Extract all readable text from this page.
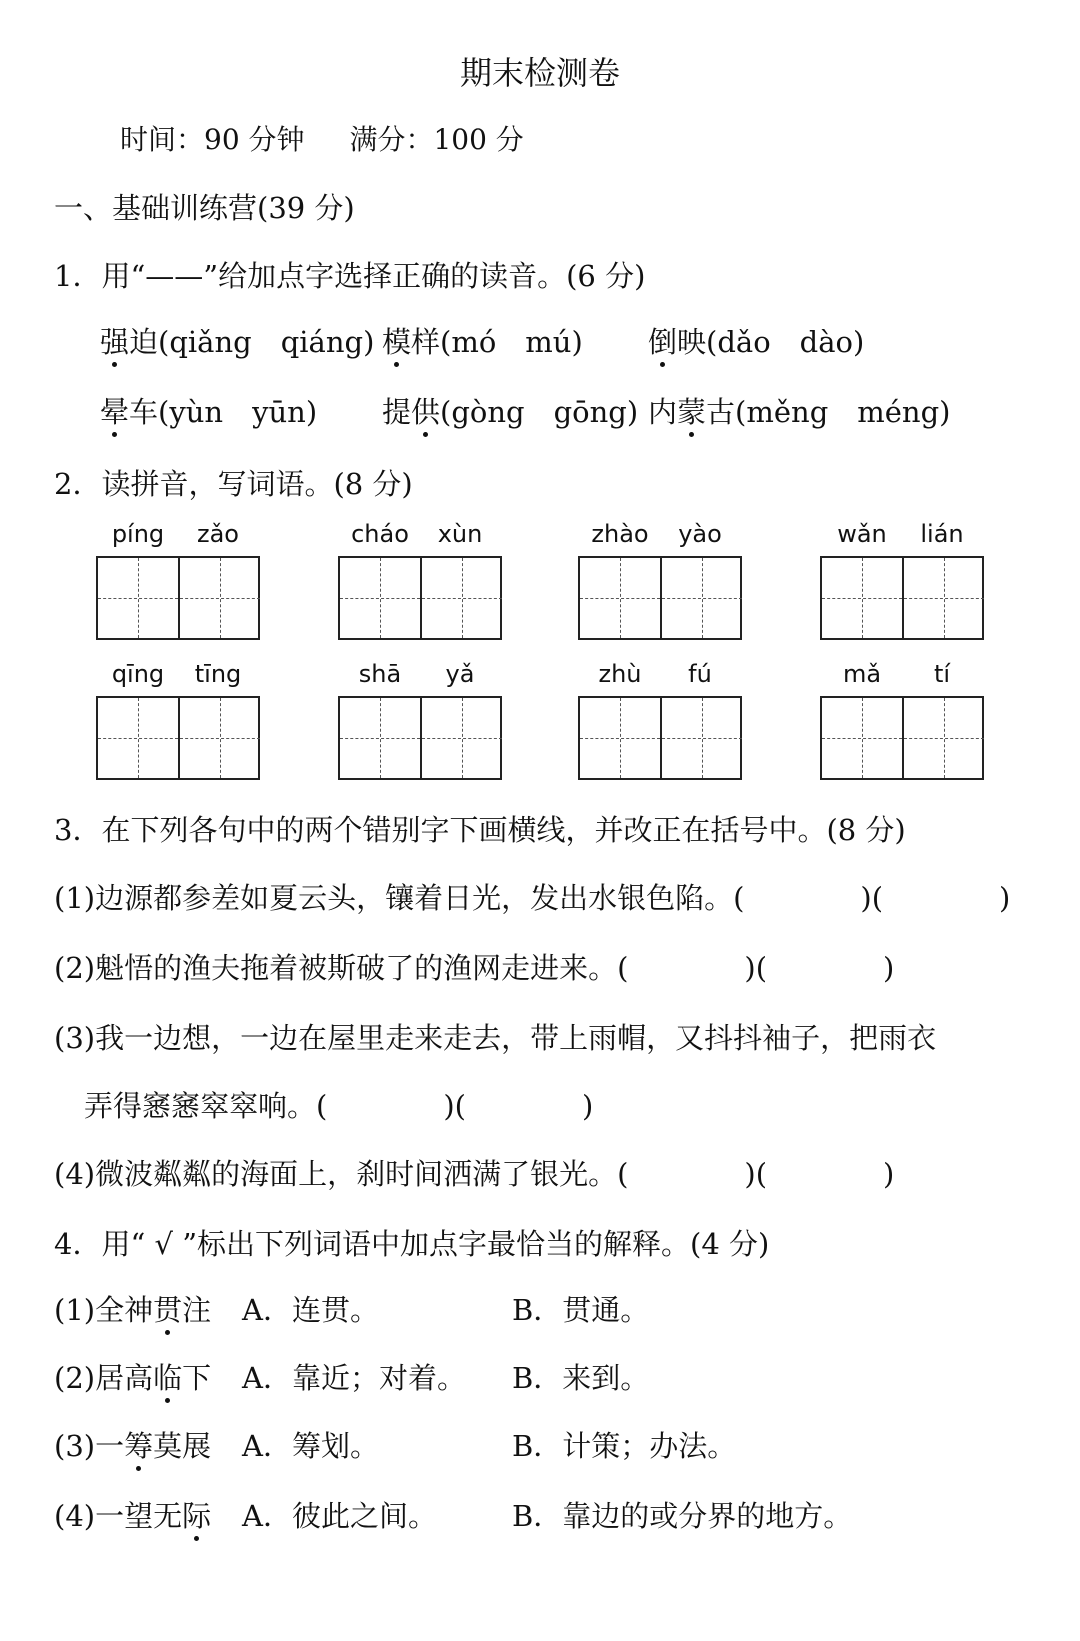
期末检测卷
时间：90 分钟 满分：100 分
一、基础训练营(39 分)
1．用“——”给加点字选择正确的读音。(6 分)
强迫(qiǎng　qiáng) 模样(mó　mú) 倒映(dǎo　dào)
晕车(yùn　yūn) 提供(gòng　gōng) 内蒙古(měng　méng)
2．读拼音，写词语。(8 分)
3．在下列各句中的两个错别字下画横线，并改正在括号中。(8 分)
(1)边源都参差如夏云头，镶着日光，发出水银色陷。(　　　　)(　　　　)
(2)魁悟的渔夫拖着被斯破了的渔网走进来。(　　　　)(　　　　)
(3)我一边想，一边在屋里走来走去，带上雨帽，又抖抖袖子，把雨衣
弄得窸窸窣窣响。(　　　　)(　　　　)
(4)微波粼粼的海面上，刹时间洒满了银光。(　　　　)(　　　　)
4．用“ √ ”标出下列词语中加点字最恰当的解释。(4 分)
(1)全神贯注 A．连贯。	B．贯通。
(2)居高临下 A．靠近；对着。 B．来到。
(3)一筹莫展 A．筹划。	B．计策；办法。
(4)一望无际 A．彼此之间。	B．靠边的或分界的地方。
píng	zǎo	cháo	xùn	zhào	yào	wǎn	lián
qīng	tīng	shā	yǎ	zhù	fú	mǎ	tí
